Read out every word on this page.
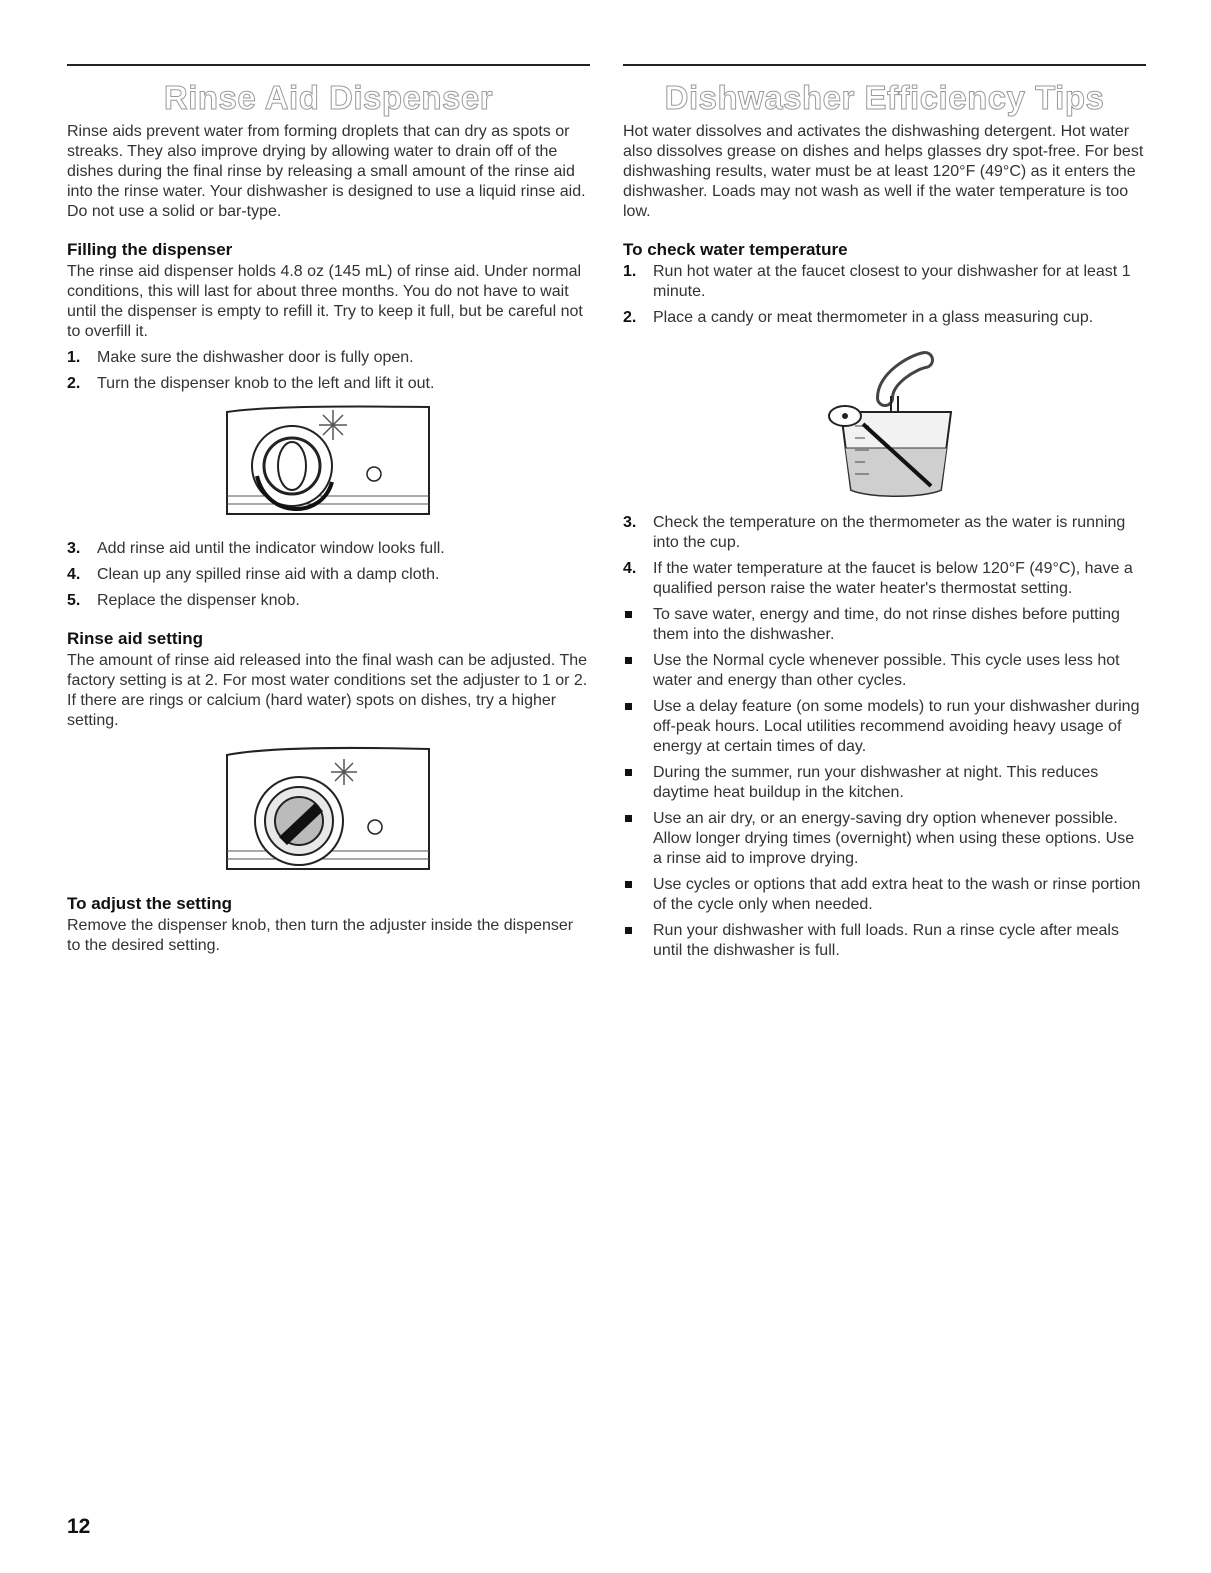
Rinse Aid Dispenser

Rinse aids prevent water from forming droplets that can dry as spots or streaks. They also improve drying by allowing water to drain off of the dishes during the final rinse by releasing a small amount of the rinse aid into the rinse water. Your dishwasher is designed to use a liquid rinse aid. Do not use a solid or bar-type.

Filling the dispenser

The rinse aid dispenser holds 4.8 oz (145 mL) of rinse aid. Under normal conditions, this will last for about three months. You do not have to wait until the dispenser is empty to refill it. Try to keep it full, but be careful not to overfill it.

1. Make sure the dishwasher door is fully open.
2. Turn the dispenser knob to the left and lift it out.
3. Add rinse aid until the indicator window looks full.
4. Clean up any spilled rinse aid with a damp cloth.
5. Replace the dispenser knob.
Rinse aid setting

The amount of rinse aid released into the final wash can be adjusted. The factory setting is at 2. For most water conditions set the adjuster to 1 or 2. If there are rings or calcium (hard water) spots on dishes, try a higher setting.

To adjust the setting

Remove the dispenser knob, then turn the adjuster inside the dispenser to the desired setting.

Dishwasher Efficiency Tips

Hot water dissolves and activates the dishwashing detergent. Hot water also dissolves grease on dishes and helps glasses dry spot-free. For best dishwashing results, water must be at least 120°F (49°C) as it enters the dishwasher. Loads may not wash as well if the water temperature is too low.

To check water temperature
1. Run hot water at the faucet closest to your dishwasher for at least 1 minute.
2. Place a candy or meat thermometer in a glass measuring cup.
3. Check the temperature on the thermometer as the water is running into the cup.
4. If the water temperature at the faucet is below 120°F (49°C), have a qualified person raise the water heater's thermostat setting.
To save water, energy and time, do not rinse dishes before putting them into the dishwasher.
Use the Normal cycle whenever possible. This cycle uses less hot water and energy than other cycles.
Use a delay feature (on some models) to run your dishwasher during off-peak hours. Local utilities recommend avoiding heavy usage of energy at certain times of day.
During the summer, run your dishwasher at night. This reduces daytime heat buildup in the kitchen.
Use an air dry, or an energy-saving dry option whenever possible. Allow longer drying times (overnight) when using these options. Use a rinse aid to improve drying.
Use cycles or options that add extra heat to the wash or rinse portion of the cycle only when needed.
Run your dishwasher with full loads. Run a rinse cycle after meals until the dishwasher is full.
12
